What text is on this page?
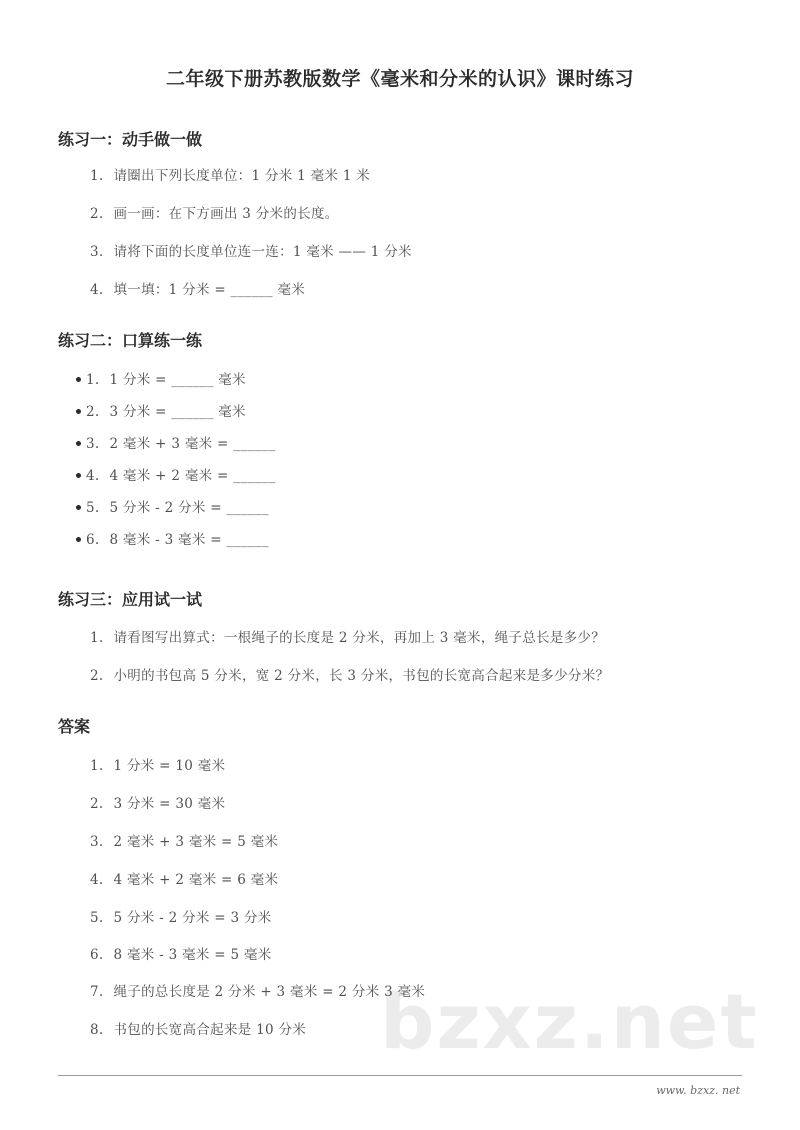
bzxz.net
二年级下册苏教版数学《毫米和分米的认识》课时练习
练习一：动手做一做
1. 请圈出下列长度单位：1 分米 1 毫米 1 米
2. 画一画：在下方画出 3 分米的长度。
3. 请将下面的长度单位连一连：1 毫米 —— 1 分米
4. 填一填：1 分米 = ______ 毫米
练习二：口算练一练
1. 1 分米 = ______ 毫米
2. 3 分米 = ______ 毫米
3. 2 毫米 + 3 毫米 = ______
4. 4 毫米 + 2 毫米 = ______
5. 5 分米 - 2 分米 = ______
6. 8 毫米 - 3 毫米 = ______
练习三：应用试一试
1. 请看图写出算式：一根绳子的长度是 2 分米，再加上 3 毫米，绳子总长是多少？
2. 小明的书包高 5 分米，宽 2 分米，长 3 分米，书包的长宽高合起来是多少分米？
答案
1. 1 分米 = 10 毫米
2. 3 分米 = 30 毫米
3. 2 毫米 + 3 毫米 = 5 毫米
4. 4 毫米 + 2 毫米 = 6 毫米
5. 5 分米 - 2 分米 = 3 分米
6. 8 毫米 - 3 毫米 = 5 毫米
7. 绳子的总长度是 2 分米 + 3 毫米 = 2 分米 3 毫米
8. 书包的长宽高合起来是 10 分米
www. bzxz. net
